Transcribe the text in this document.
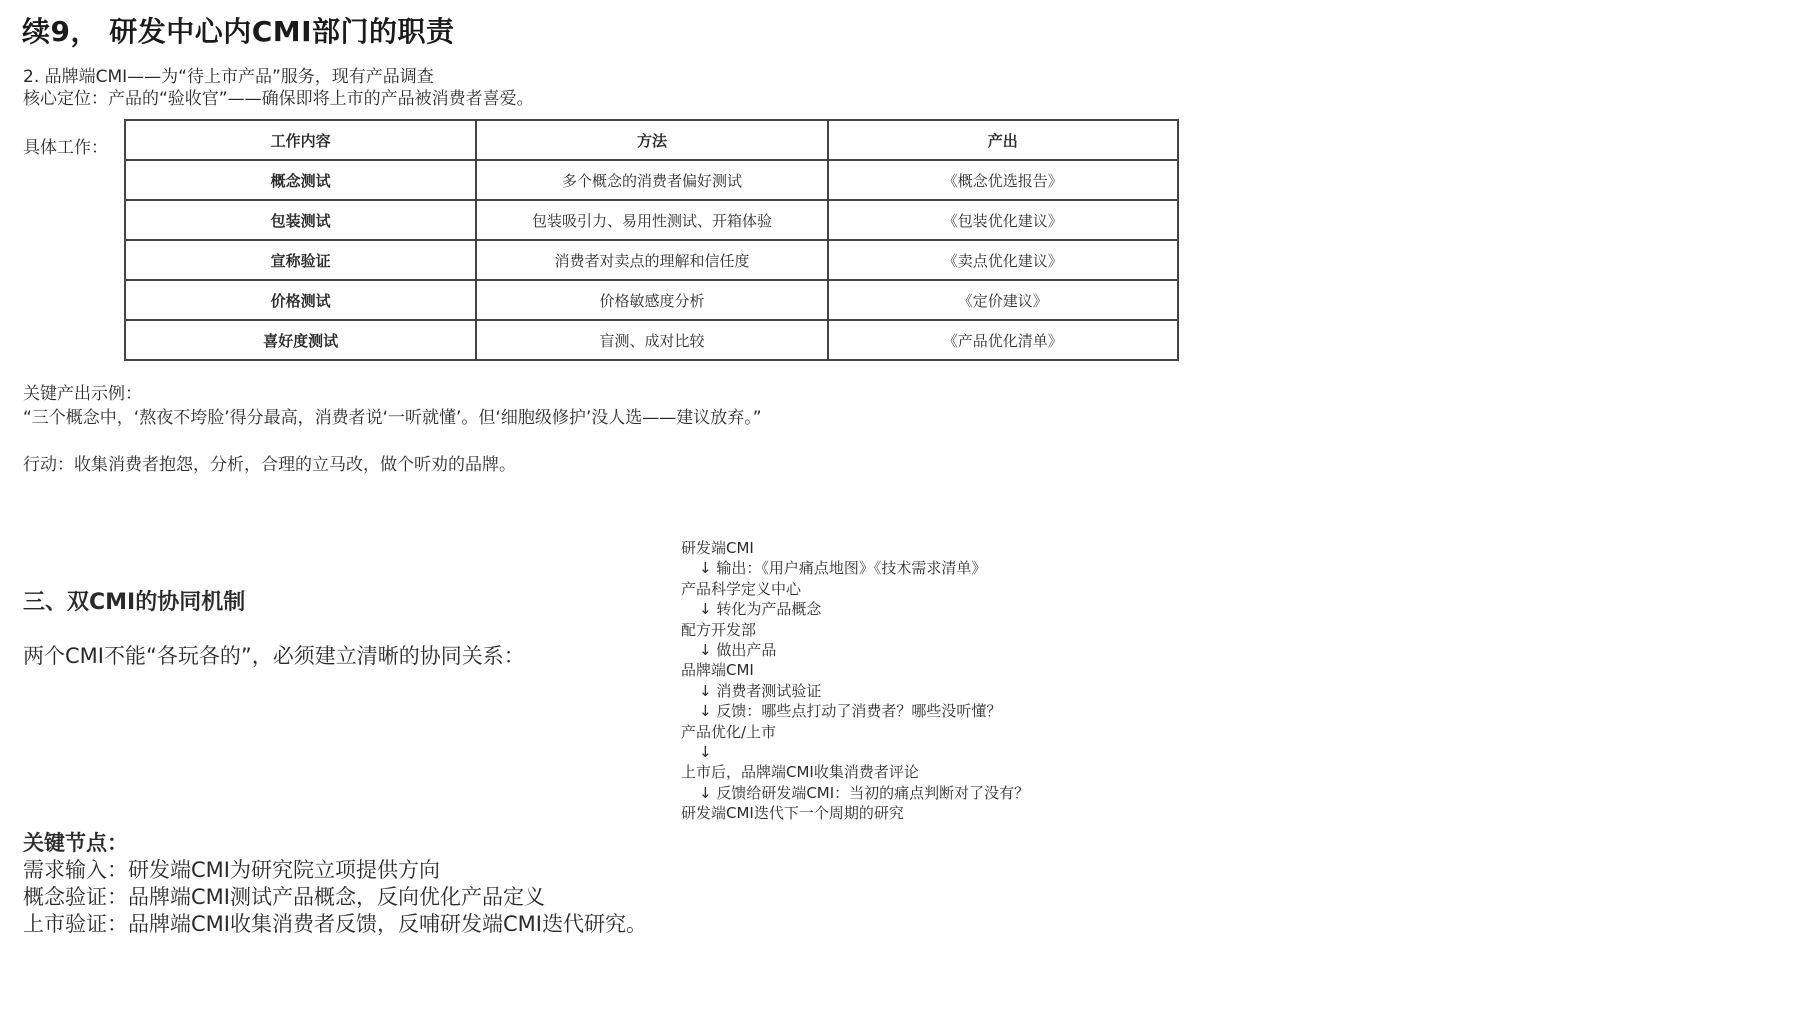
续9， 研发中心内CMI部门的职责
2. 品牌端CMI——为“待上市产品”服务，现有产品调查
核心定位：产品的“验收官”——确保即将上市的产品被消费者喜爱。
具体工作：	工作内容	方法	产出
概念测试	多个概念的消费者偏好测试	《概念优选报告》
包装测试	包装吸引力、易用性测试、开箱体验	《包装优化建议》
宣称验证	消费者对卖点的理解和信任度	《卖点优化建议》
价格测试	价格敏感度分析	《定价建议》
喜好度测试	盲测、成对比较	《产品优化清单》
关键产出示例：
“三个概念中，‘熬夜不垮脸’得分最高，消费者说‘一听就懂’。但‘细胞级修护’没人选——建议放弃。”
行动：收集消费者抱怨，分析，合理的立马改，做个听劝的品牌。
三、双CMI的协同机制
两个CMI不能“各玩各的”，必须建立清晰的协同关系：
研发端CMI
↓ 输出：《用户痛点地图》《技术需求清单》
产品科学定义中心
↓ 转化为产品概念
配方开发部
↓ 做出产品
品牌端CMI
↓ 消费者测试验证
↓ 反馈：哪些点打动了消费者？哪些没听懂？
产品优化/上市
↓
上市后，品牌端CMI收集消费者评论
↓ 反馈给研发端CMI：当初的痛点判断对了没有？
研发端CMI迭代下一个周期的研究
关键节点：
需求输入：研发端CMI为研究院立项提供方向
概念验证：品牌端CMI测试产品概念，反向优化产品定义
上市验证：品牌端CMI收集消费者反馈，反哺研发端CMI迭代研究。
